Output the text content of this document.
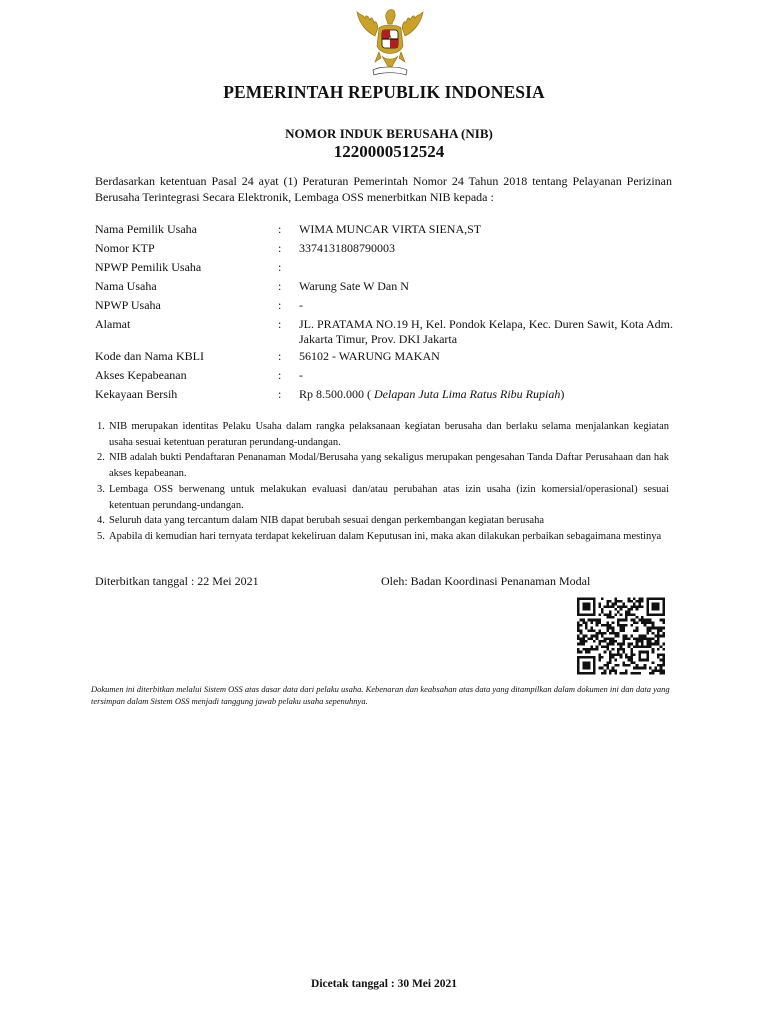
PEMERINTAH REPUBLIK INDONESIA
NOMOR INDUK BERUSAHA (NIB)
1220000512524
Berdasarkan ketentuan Pasal 24 ayat (1) Peraturan Pemerintah Nomor 24 Tahun 2018 tentang Pelayanan Perizinan Berusaha Terintegrasi Secara Elektronik, Lembaga OSS menerbitkan NIB kepada :
Nama Pemilik Usaha	: WIMA MUNCAR VIRTA SIENA,ST
Nomor KTP	: 3374131808790003
NPWP Pemilik Usaha	:
Nama Usaha	: Warung Sate W Dan N
NPWP Usaha	: -
Alamat	: JL. PRATAMA NO.19 H, Kel. Pondok Kelapa, Kec. Duren Sawit, Kota Adm. Jakarta Timur, Prov. DKI Jakarta
Kode dan Nama KBLI	: 56102 - WARUNG MAKAN
Akses Kepabeanan	: -
Kekayaan Bersih	: Rp 8.500.000 ( Delapan Juta Lima Ratus Ribu Rupiah)
1. NIB merupakan identitas Pelaku Usaha dalam rangka pelaksanaan kegiatan berusaha dan berlaku selama menjalankan kegiatan usaha sesuai ketentuan peraturan perundang-undangan.
2. NIB adalah bukti Pendaftaran Penanaman Modal/Berusaha yang sekaligus merupakan pengesahan Tanda Daftar Perusahaan dan hak akses kepabeanan.
3. Lembaga OSS berwenang untuk melakukan evaluasi dan/atau perubahan atas izin usaha (izin komersial/operasional) sesuai ketentuan perundang-undangan.
4. Seluruh data yang tercantum dalam NIB dapat berubah sesuai dengan perkembangan kegiatan berusaha
5. Apabila di kemudian hari ternyata terdapat kekeliruan dalam Keputusan ini, maka akan dilakukan perbaikan sebagaimana mestinya
Diterbitkan tanggal : 22 Mei 2021	Oleh: Badan Koordinasi Penanaman Modal
Dokumen ini diterbitkan melalui Sistem OSS atas dasar data dari pelaku usaha. Kebenaran dan keabsahan atas data yang ditampilkan dalam dokumen ini dan data yang tersimpan dalam Sistem OSS menjadi tanggung jawab pelaku usaha sepenuhnya.
Dicetak tanggal : 30 Mei 2021
